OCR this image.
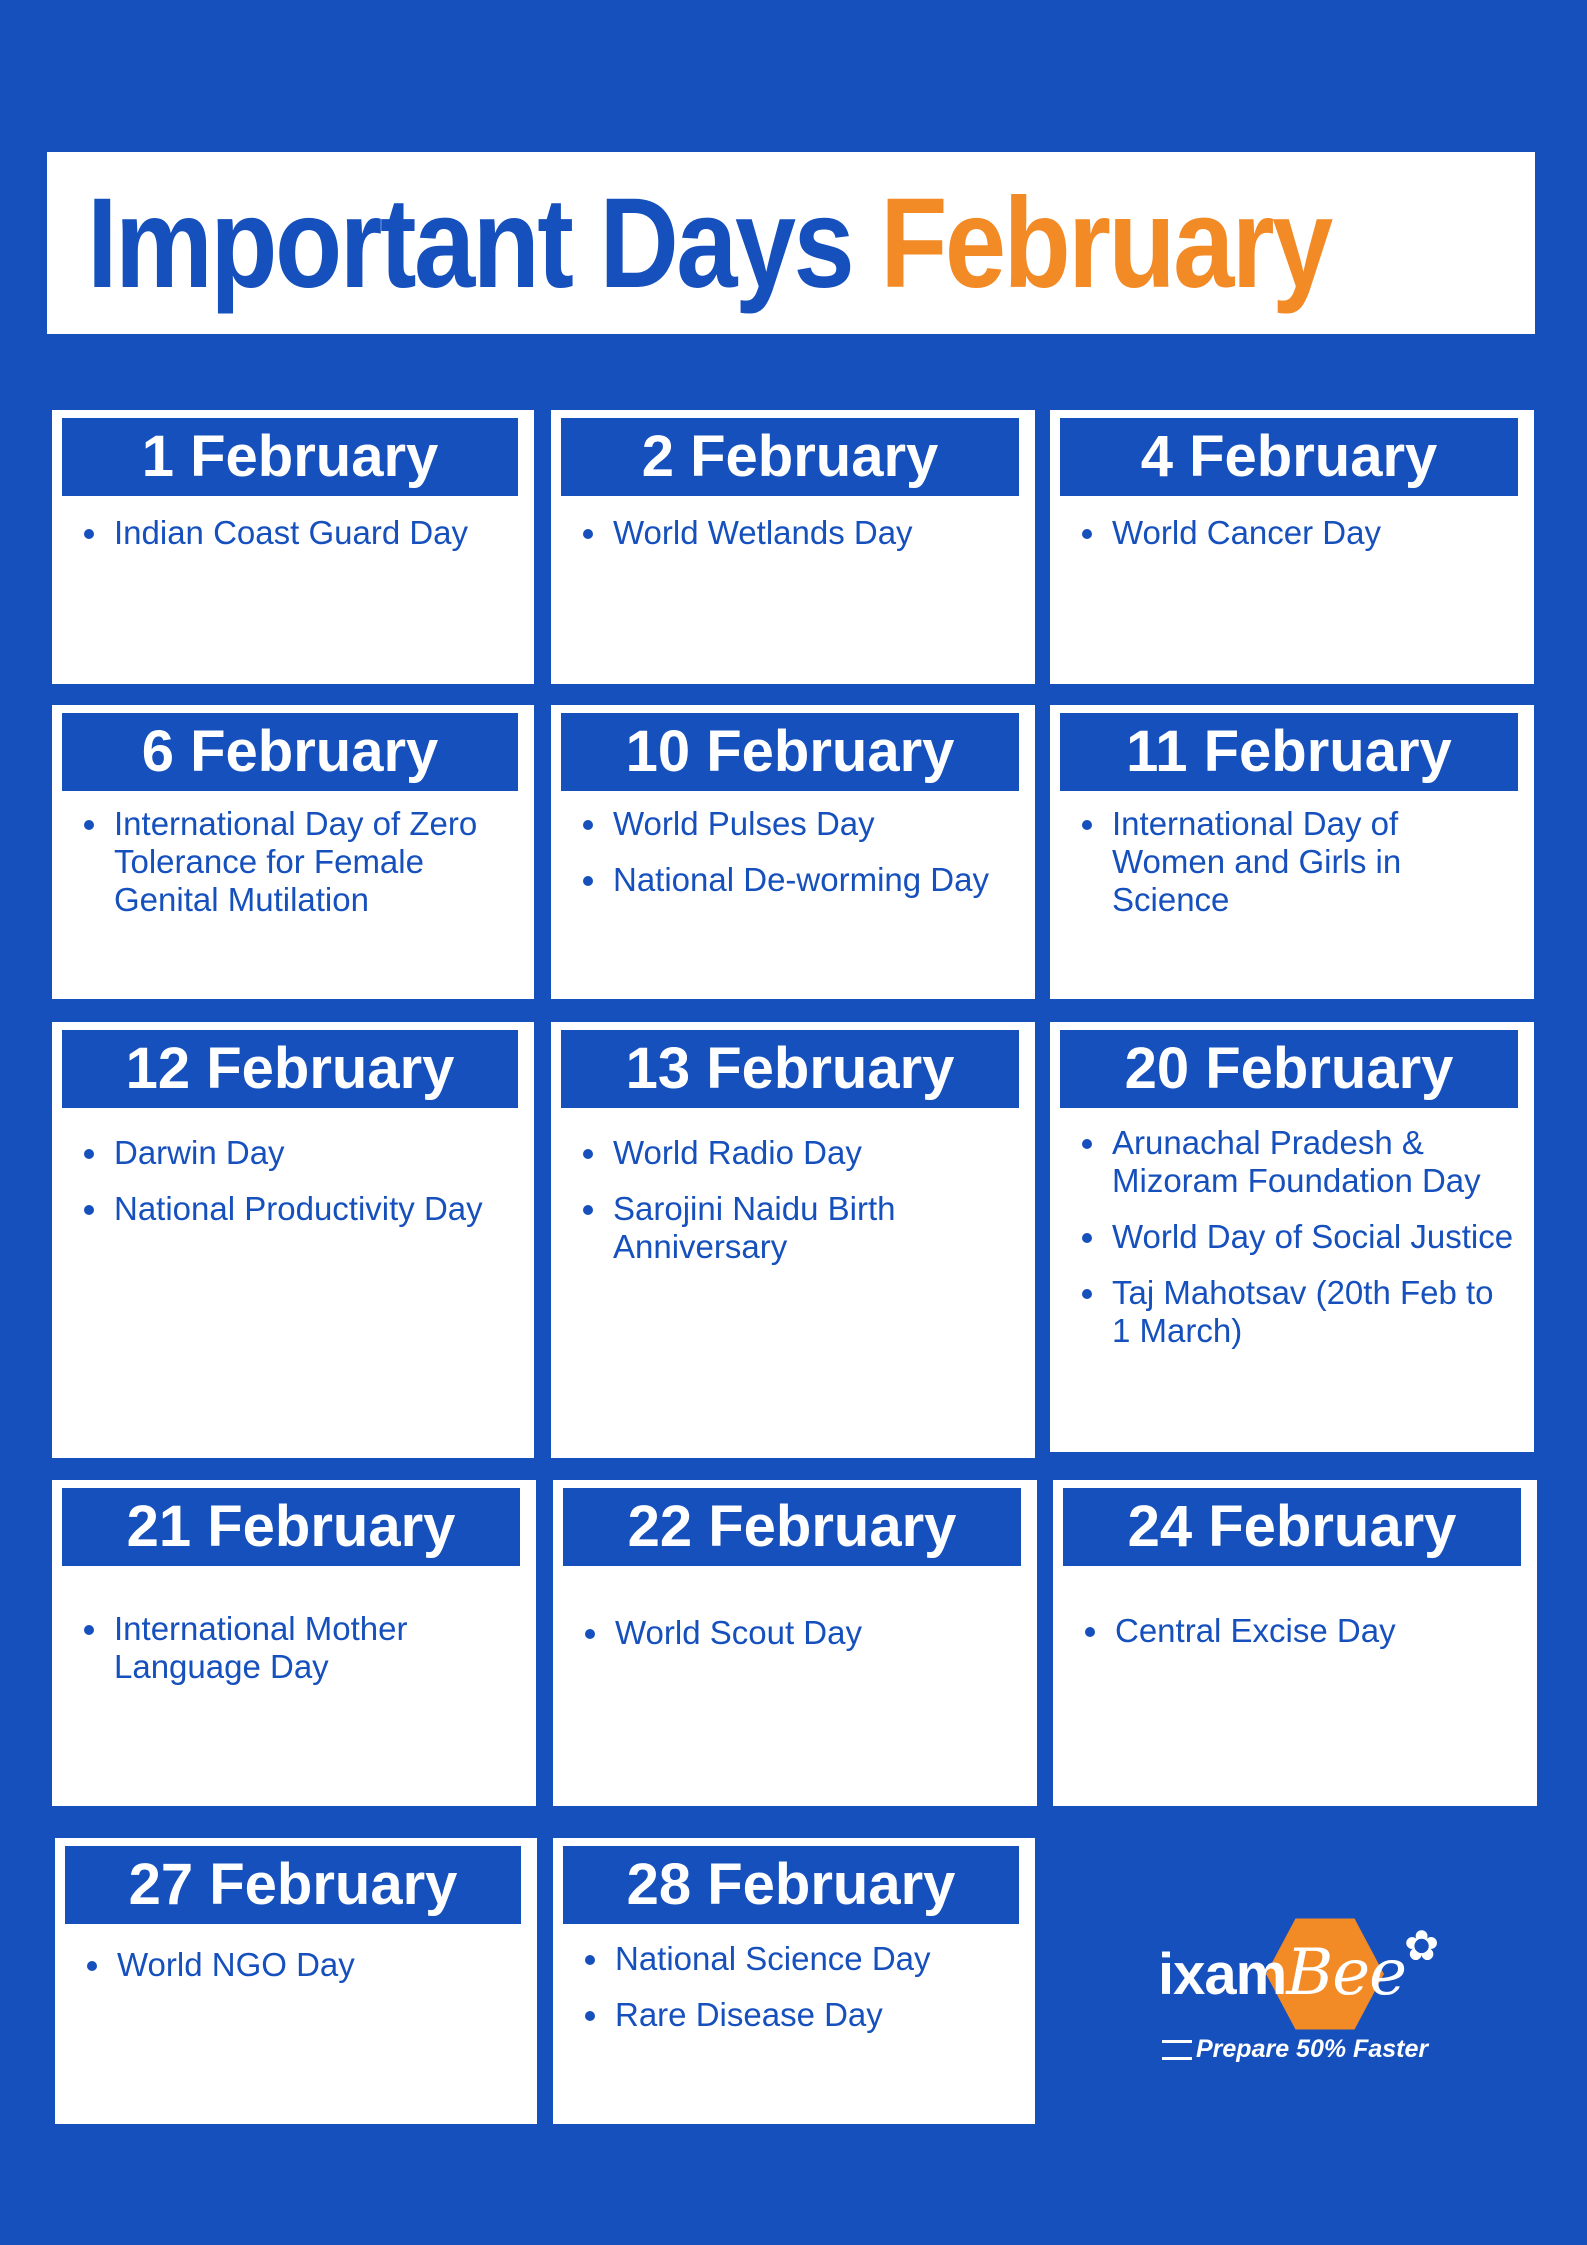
Important Days February
1 February
Indian Coast Guard Day
2 February
World Wetlands Day
4 February
World Cancer Day
6 February
International Day of Zero Tolerance for Female Genital Mutilation
10 February
World Pulses Day
National De-worming Day
11 February
International Day of Women and Girls in Science
12 February
Darwin Day
National Productivity Day
13 February
World Radio Day
Sarojini Naidu Birth Anniversary
20 February
Arunachal Pradesh & Mizoram Foundation Day
World Day of Social Justice
Taj Mahotsav (20th Feb to 1 March)
21 February
International Mother Language Day
22 February
World Scout Day
24 February
Central Excise Day
27 February
World NGO Day
28 February
National Science Day
Rare Disease Day
ixamBee
✿
Prepare 50% Faster
